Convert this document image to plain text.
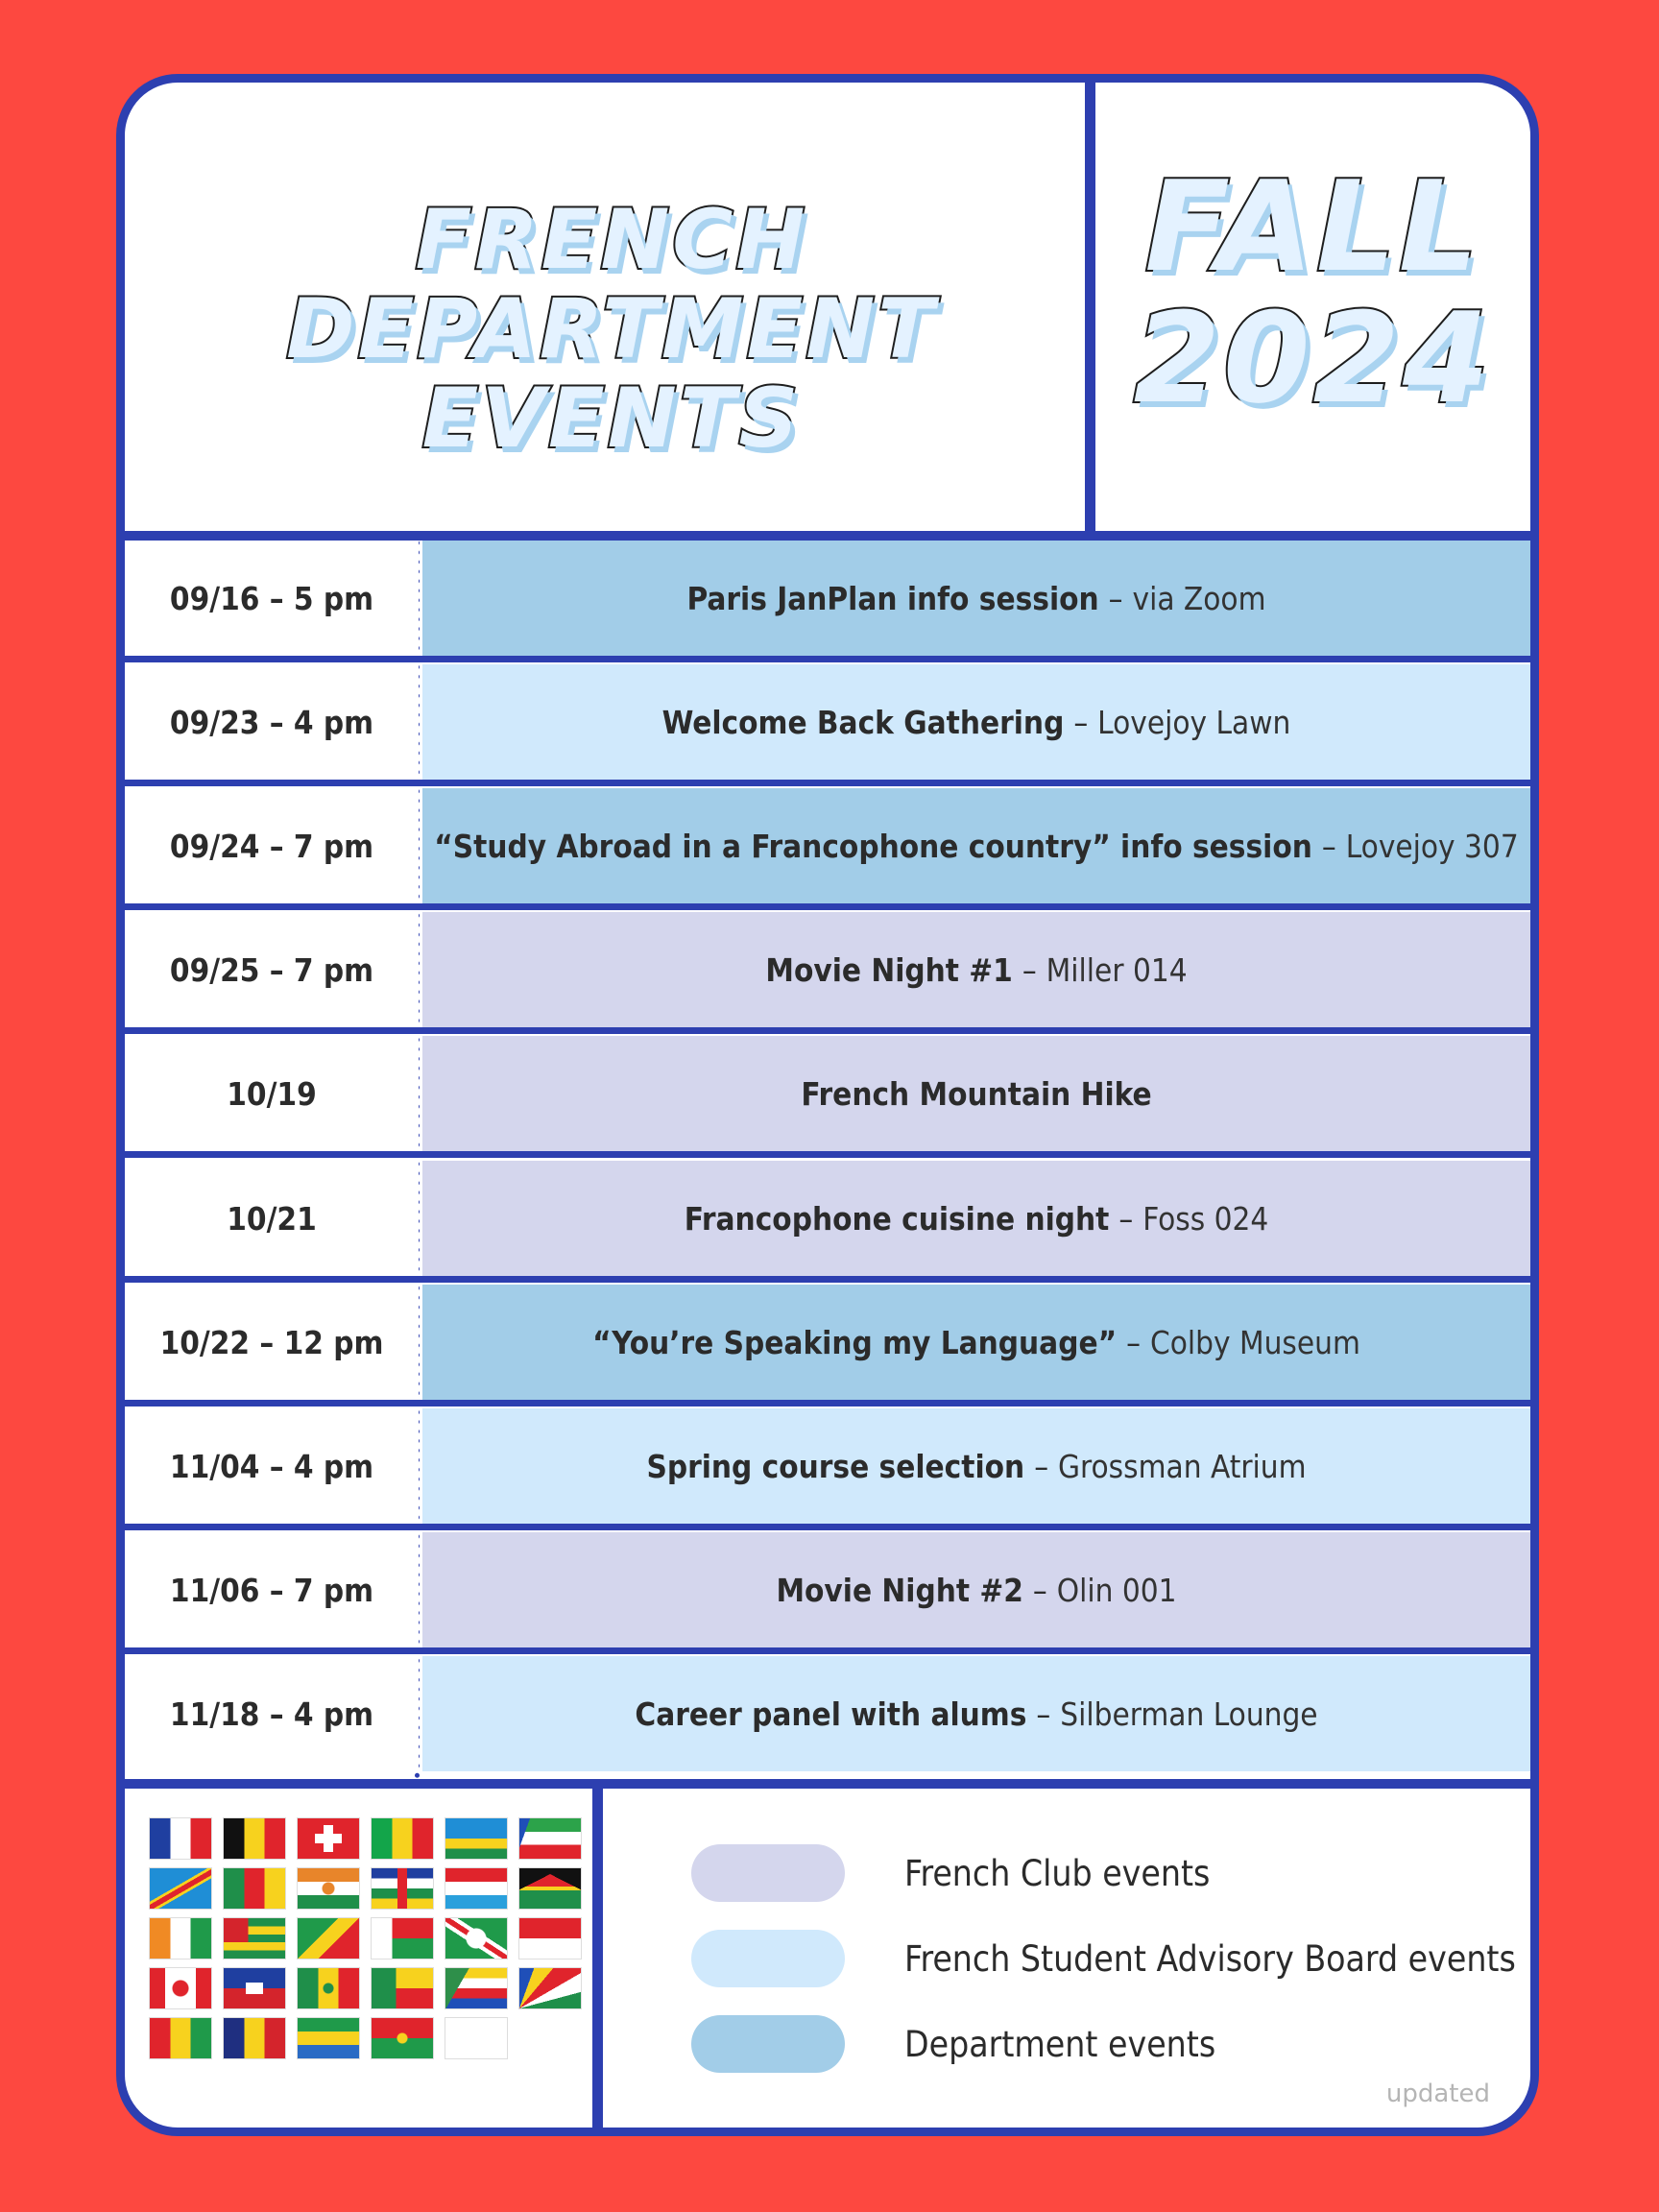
FRENCH DEPARTMENT
EVENTS
FALL
2024
09/16 – 5 pm	Paris JanPlan info session – via Zoom
09/23 – 4 pm	Welcome Back Gathering – Lovejoy Lawn
09/24 – 7 pm	“Study Abroad in a Francophone country” info session – Lovejoy 307
09/25 – 7 pm	Movie Night #1 – Miller 014
10/19	French Mountain Hike
10/21	Francophone cuisine night – Foss 024
10/22 – 12 pm	“You’re Speaking my Language” – Colby Museum
11/04 – 4 pm	Spring course selection – Grossman Atrium
11/06 – 7 pm	Movie Night #2 – Olin 001
11/18 – 4 pm	Career panel with alums – Silberman Lounge
French Club events
French Student Advisory Board events
Department events
updated
